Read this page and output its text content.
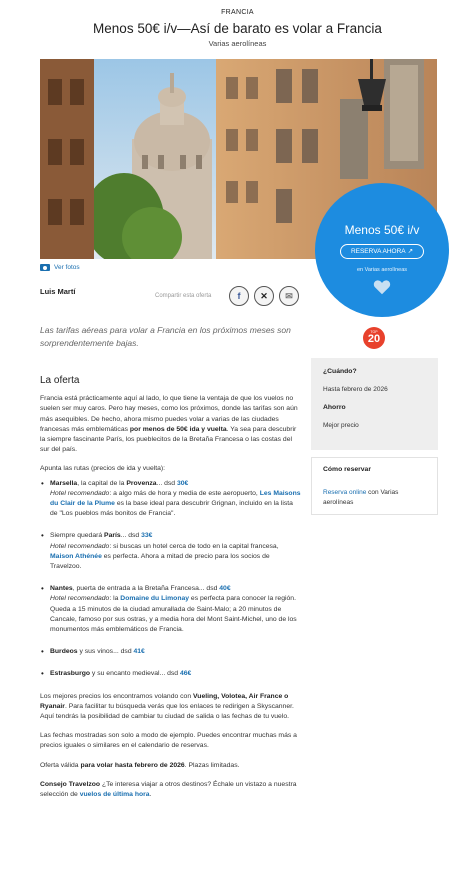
FRANCIA
Menos 50€ i/v—Así de barato es volar a Francia
Varias aerolíneas
Ver fotos
Menos 50€ i/v
RESERVA AHORA ↗
en Varias aerolíneas
Luis Martí	Compartir esta oferta	f	✕	✉
Las tarifas aéreas para volar a Francia en los próximos meses son sorprendentemente bajas.
TOP
20
¿Cuándo?
Hasta febrero de 2026
Ahorro
Mejor precio
Cómo reservar
Reserva online con Varias aerolíneas
La oferta

Francia está prácticamente aquí al lado, lo que tiene la ventaja de que los vuelos no suelen ser muy caros. Pero hay meses, como los próximos, donde las tarifas son aún más asequibles. De hecho, ahora mismo puedes volar a varias de las ciudades francesas más emblemáticas por menos de 50€ ida y vuelta. Ya sea para descubrir la siempre fascinante París, los pueblecitos de la Bretaña Francesa o las costas del sur del país.

Apunta las rutas (precios de ida y vuelta):

• Marsella, la capital de la Provenza... dsd 30€
Hotel recomendado: a algo más de hora y media de este aeropuerto, Les Maisons du Clair de la Plume es la base ideal para descubrir Grignan, incluido en la lista de "Los pueblos más bonitos de Francia".
• Siempre quedará París... dsd 33€
Hotel recomendado: si buscas un hotel cerca de todo en la capital francesa, Maison Athénée es perfecta. Ahora a mitad de precio para los socios de Travelzoo.
• Nantes, puerta de entrada a la Bretaña Francesa... dsd 40€
Hotel recomendado: la Domaine du Limonay es perfecta para conocer la región. Queda a 15 minutos de la ciudad amurallada de Saint-Malo; a 20 minutos de Cancale, famoso por sus ostras, y a media hora del Mont Saint-Michel, uno de los monumentos más emblemáticos de Francia.
• Burdeos y sus vinos... dsd 41€
• Estrasburgo y su encanto medieval... dsd 46€

Los mejores precios los encontramos volando con Vueling, Volotea, Air France o Ryanair. Para facilitar tu búsqueda verás que los enlaces te redirigen a Skyscanner. Aquí tendrás la posibilidad de cambiar tu ciudad de salida o las fechas de tu vuelo.

Las fechas mostradas son solo a modo de ejemplo. Puedes encontrar muchas más a precios iguales o similares en el calendario de reservas.

Oferta válida para volar hasta febrero de 2026. Plazas limitadas.

Consejo Travelzoo ¿Te interesa viajar a otros destinos? Échale un vistazo a nuestra selección de vuelos de última hora.
